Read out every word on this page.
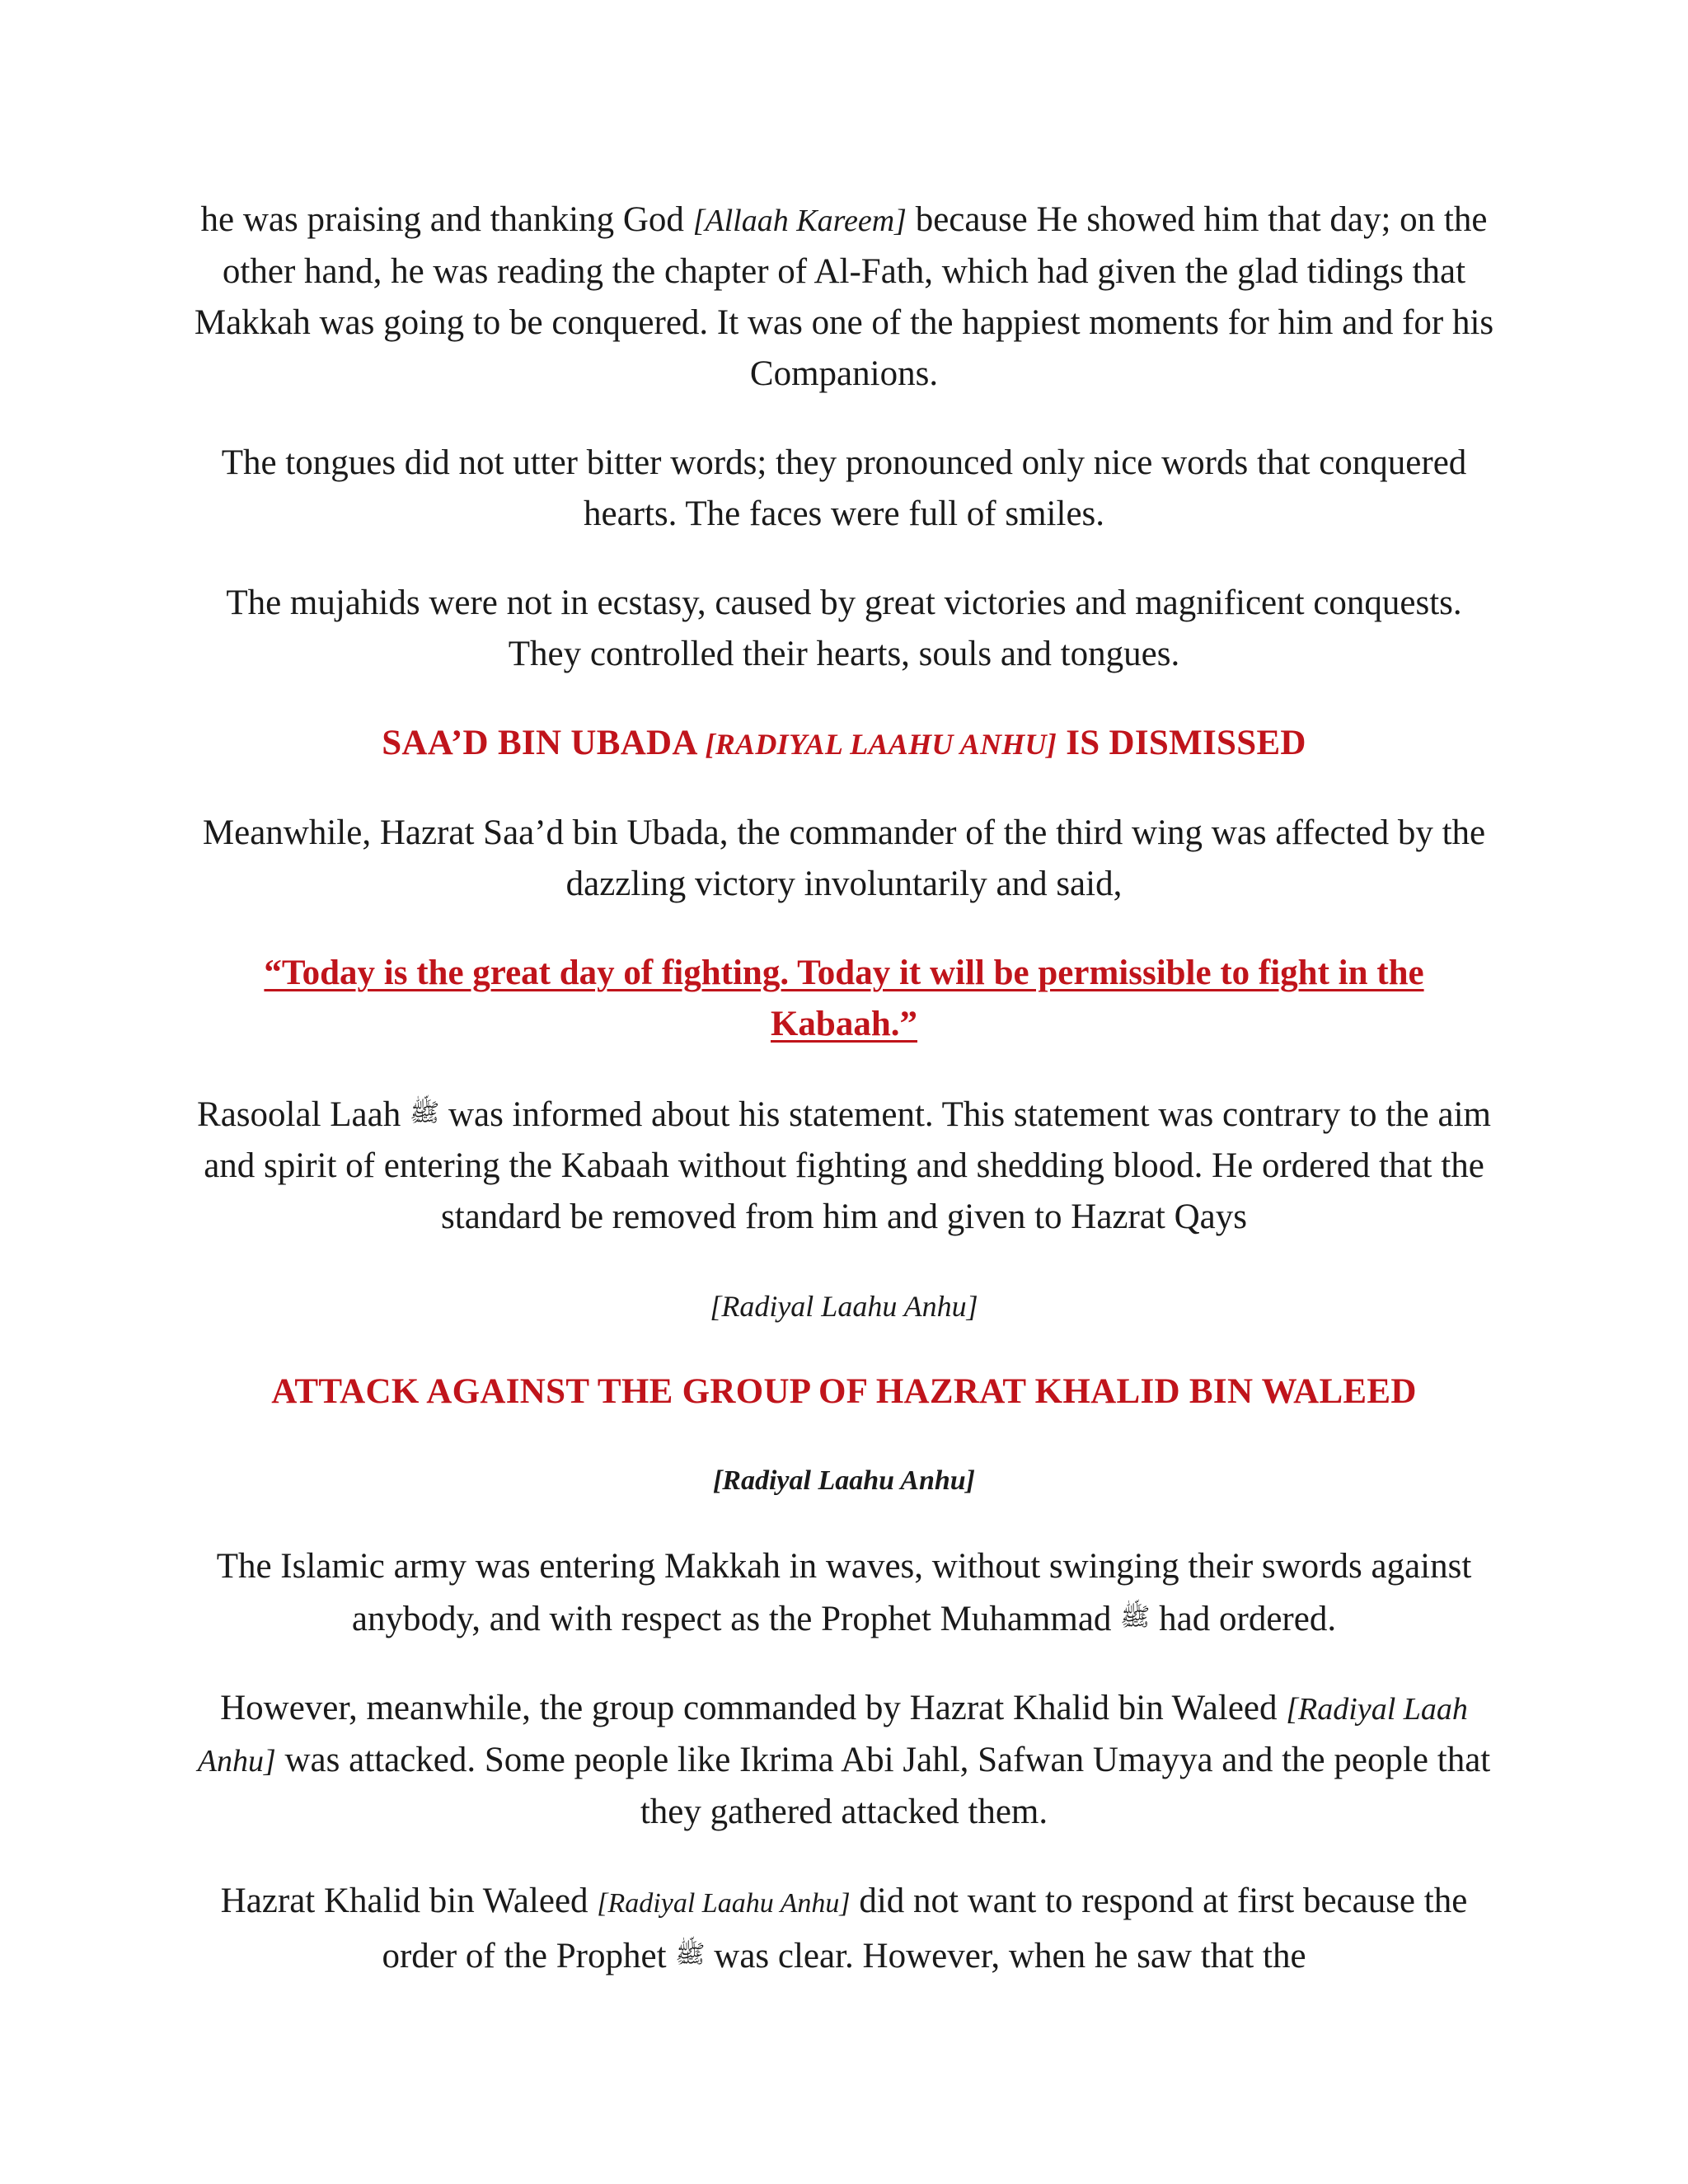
he was praising and thanking God [Allaah Kareem] because He showed him that day; on the other hand, he was reading the chapter of Al-Fath, which had given the glad tidings that Makkah was going to be conquered. It was one of the happiest moments for him and for his Companions.

The tongues did not utter bitter words; they pronounced only nice words that conquered hearts. The faces were full of smiles.

The mujahids were not in ecstasy, caused by great victories and magnificent conquests. They controlled their hearts, souls and tongues.

SAA’D BIN UBADA [RADIYAL LAAHU ANHU] IS DISMISSED

Meanwhile, Hazrat Saa’d bin Ubada, the commander of the third wing was affected by the dazzling victory involuntarily and said,

“Today is the great day of fighting. Today it will be permissible to fight in the Kabaah.”

Rasoolal Laah ﷺ was informed about his statement. This statement was contrary to the aim and spirit of entering the Kabaah without fighting and shedding blood. He ordered that the standard be removed from him and given to Hazrat Qays

[Radiyal Laahu Anhu]

ATTACK AGAINST THE GROUP OF HAZRAT KHALID BIN WALEED

[Radiyal Laahu Anhu]

The Islamic army was entering Makkah in waves, without swinging their swords against anybody, and with respect as the Prophet Muhammad ﷺ had ordered.

However, meanwhile, the group commanded by Hazrat Khalid bin Waleed [Radiyal Laah Anhu] was attacked. Some people like Ikrima Abi Jahl, Safwan Umayya and the people that they gathered attacked them.

Hazrat Khalid bin Waleed [Radiyal Laahu Anhu] did not want to respond at first because the order of the Prophet ﷺ was clear. However, when he saw that the
